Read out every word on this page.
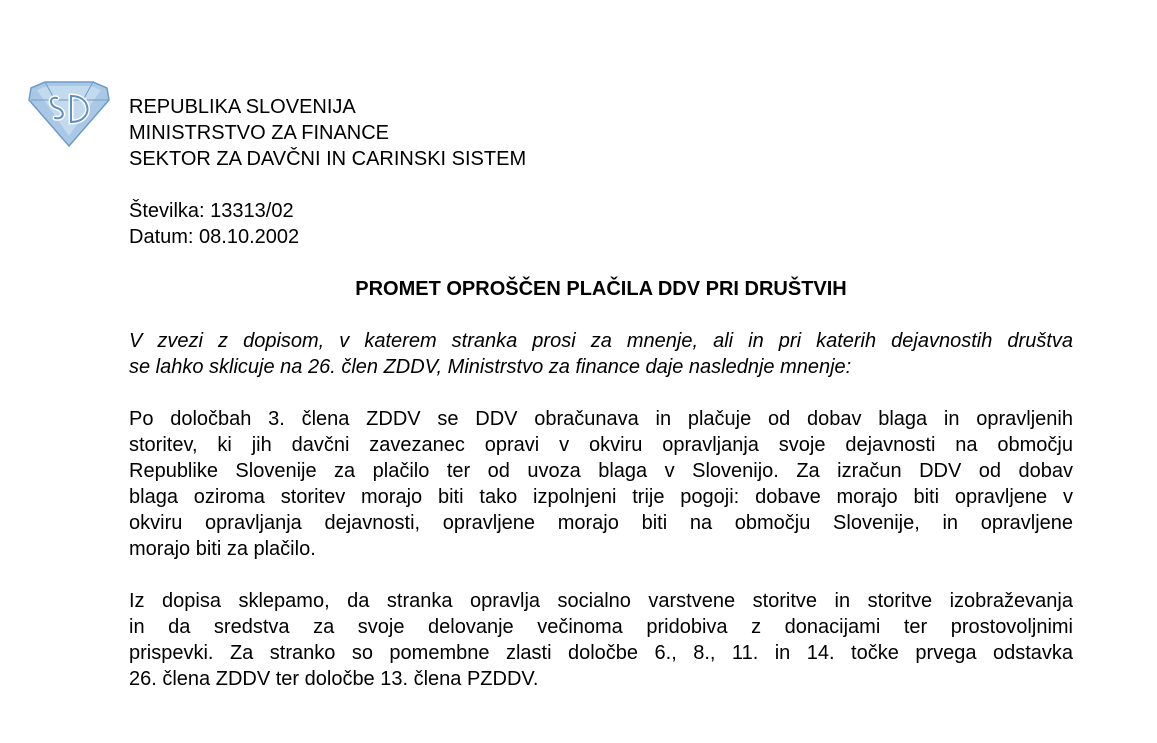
REPUBLIKA SLOVENIJA
MINISTRSTVO ZA FINANCE
SEKTOR ZA DAVČNI IN CARINSKI SISTEM
Številka: 13313/02
Datum: 08.10.2002
PROMET OPROŠČEN PLAČILA DDV PRI DRUŠTVIH
V zvezi z dopisom, v katerem stranka prosi za mnenje, ali in pri katerih dejavnostih društva
se lahko sklicuje na 26. člen ZDDV, Ministrstvo za finance daje naslednje mnenje:
Po določbah 3. člena ZDDV se DDV obračunava in plačuje od dobav blaga in opravljenih
storitev, ki jih davčni zavezanec opravi v okviru opravljanja svoje dejavnosti na območju
Republike Slovenije za plačilo ter od uvoza blaga v Slovenijo. Za izračun DDV od dobav
blaga oziroma storitev morajo biti tako izpolnjeni trije pogoji: dobave morajo biti opravljene v
okviru opravljanja dejavnosti, opravljene morajo biti na območju Slovenije, in opravljene
morajo biti za plačilo.
Iz dopisa sklepamo, da stranka opravlja socialno varstvene storitve in storitve izobraževanja
in da sredstva za svoje delovanje večinoma pridobiva z donacijami ter prostovoljnimi
prispevki. Za stranko so pomembne zlasti določbe 6., 8., 11. in 14. točke prvega odstavka
26. člena ZDDV ter določbe 13. člena PZDDV.
